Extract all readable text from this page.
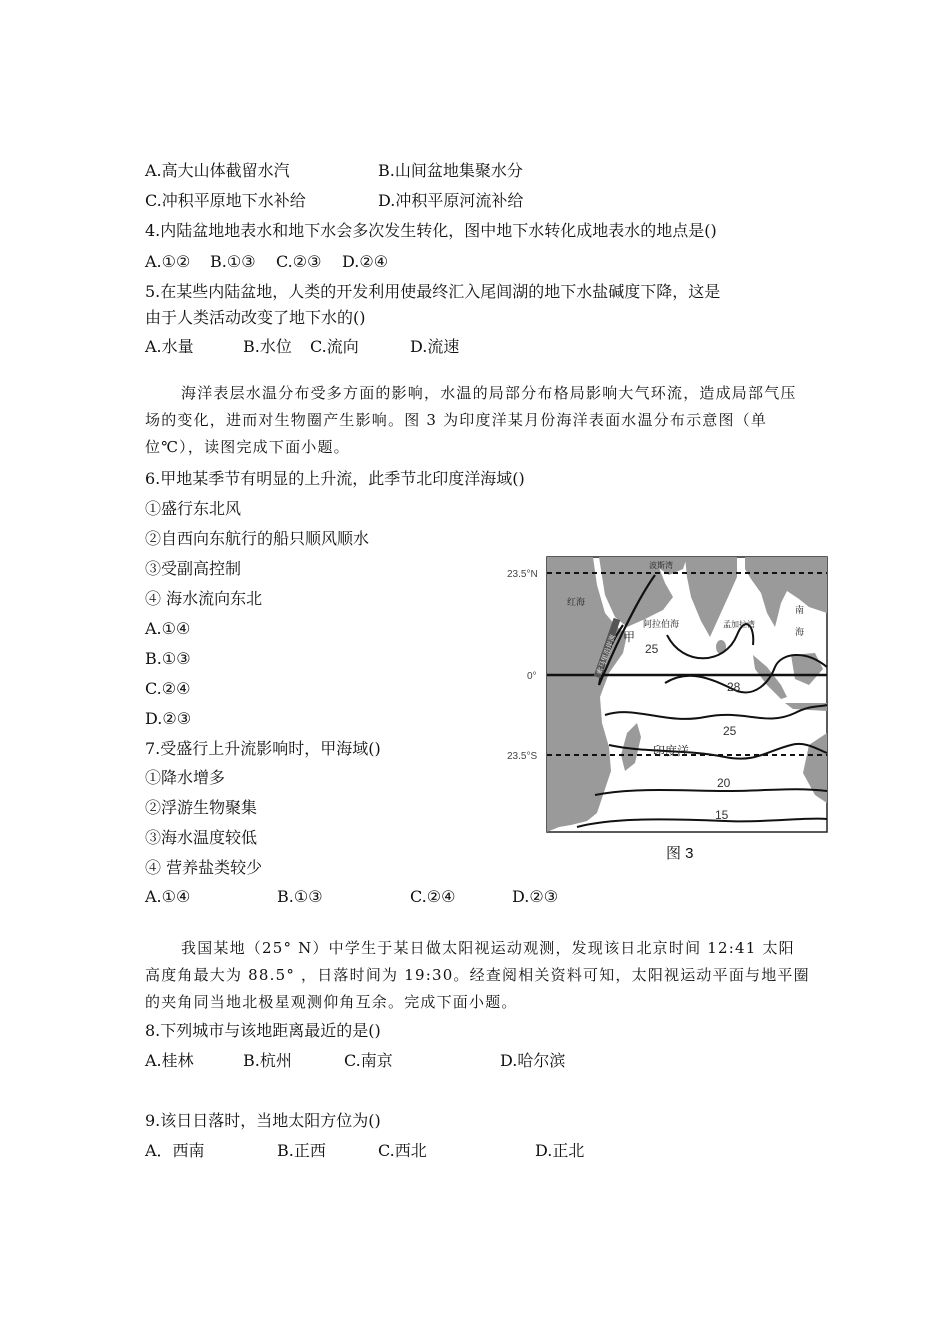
A.高大山体截留水汽	B.山间盆地集聚水分
C.冲积平原地下水补给	D.冲积平原河流补给
4.内陆盆地地表水和地下水会多次发生转化，图中地下水转化成地表水的地点是()
A.①② B.①③ C.②③ D.②④
5.在某些内陆盆地，人类的开发利用使最终汇入尾闾湖的地下水盐碱度下降，这是
由于人类活动改变了地下水的()
A.水量	B.水位 C.流向	D.流速

海洋表层水温分布受多方面的影响，水温的局部分布格局影响大气环流，造成局部气压场的变化，进而对生物圈产生影响。图 3 为印度洋某月份海洋表面水温分布示意图（单位℃），读图完成下面小题。

6.甲地某季节有明显的上升流，此季节北印度洋海域()
①盛行东北风
②自西向东航行的船只顺风顺水
③受副高控制
④ 海水流向东北
A.①④
B.①③
C.②④
D.②③
7.受盛行上升流影响时，甲海域()
①降水增多
②浮游生物聚集
③海水温度较低
④ 营养盐类较少
A.①④	B.①③	C.②④	D.②③
23.5°N
0°
23.5°S
波斯湾
红海
阿拉伯海	孟加拉湾
南
海
索马里沿岸流 甲
25
28
25
印度洋
20
15
图 3

我国某地（25° N）中学生于某日做太阳视运动观测，发现该日北京时间 12:41 太阳高度角最大为 88.5° ，日落时间为 19:30。经查阅相关资料可知，太阳视运动平面与地平圈的夹角同当地北极星观测仰角互余。完成下面小题。

8.下列城市与该地距离最近的是()
A.桂林	B.杭州	C.南京	D.哈尔滨
9.该日日落时，当地太阳方位为()
A．西南	B.正西	C.西北	D.正北
